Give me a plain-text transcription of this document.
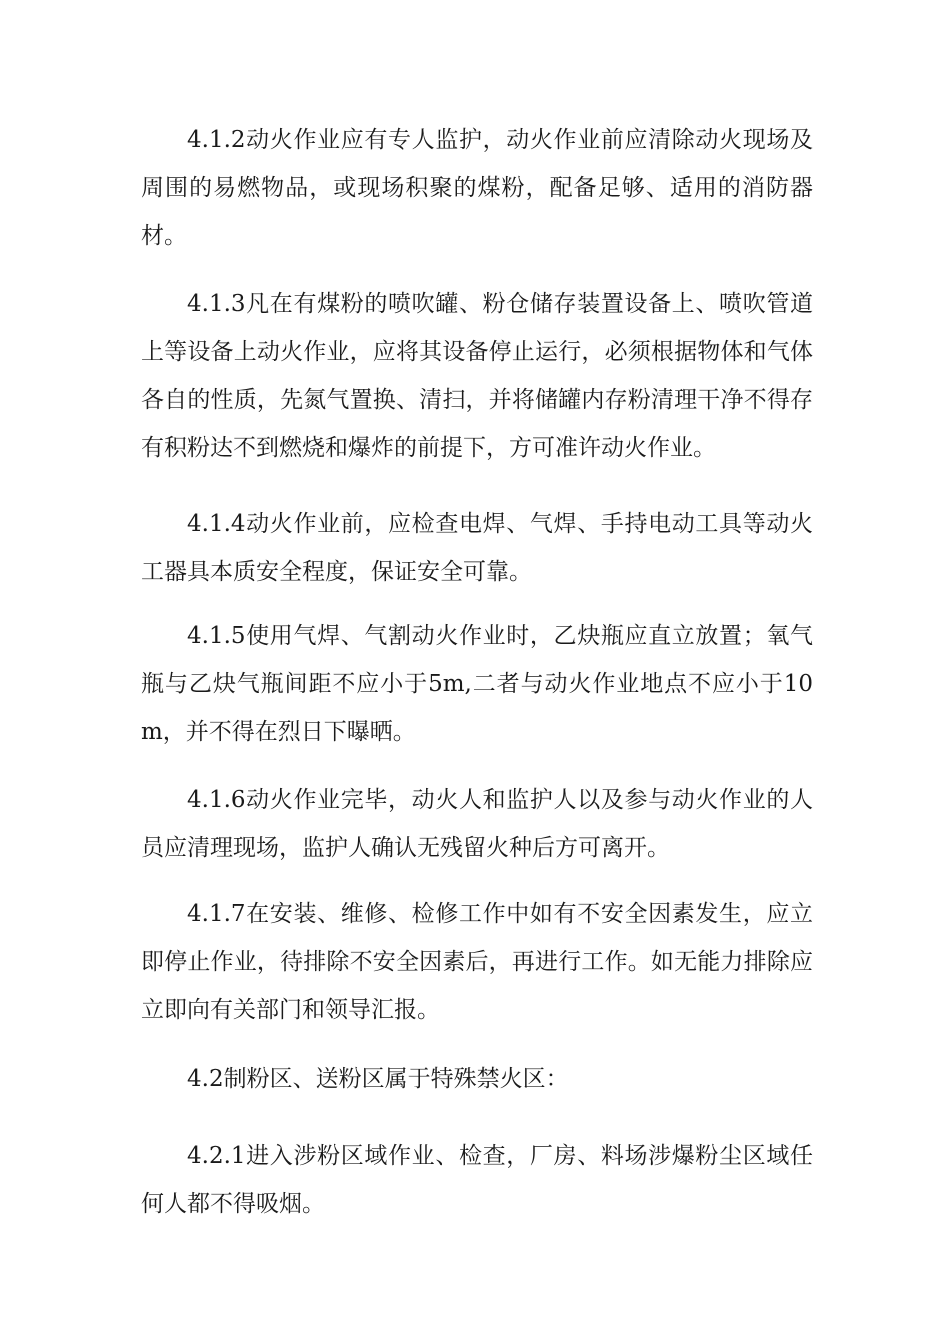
4.1.2动火作业应有专人监护，动火作业前应清除动火现场及周围的易燃物品，或现场积聚的煤粉，配备足够、适用的消防器材。

4.1.3凡在有煤粉的喷吹罐、粉仓储存装置设备上、喷吹管道上等设备上动火作业，应将其设备停止运行，必须根据物体和气体各自的性质，先氮气置换、清扫，并将储罐内存粉清理干净不得存有积粉达不到燃烧和爆炸的前提下，方可准许动火作业。

4.1.4动火作业前，应检查电焊、气焊、手持电动工具等动火工器具本质安全程度，保证安全可靠。

4.1.5使用气焊、气割动火作业时，乙炔瓶应直立放置；氧气瓶与乙炔气瓶间距不应小于5m,二者与动火作业地点不应小于10m，并不得在烈日下曝晒。

4.1.6动火作业完毕，动火人和监护人以及参与动火作业的人员应清理现场，监护人确认无残留火种后方可离开。

4.1.7在安装、维修、检修工作中如有不安全因素发生，应立即停止作业，待排除不安全因素后，再进行工作。如无能力排除应立即向有关部门和领导汇报。

4.2制粉区、送粉区属于特殊禁火区：

4.2.1进入涉粉区域作业、检查，厂房、料场涉爆粉尘区域任何人都不得吸烟。
